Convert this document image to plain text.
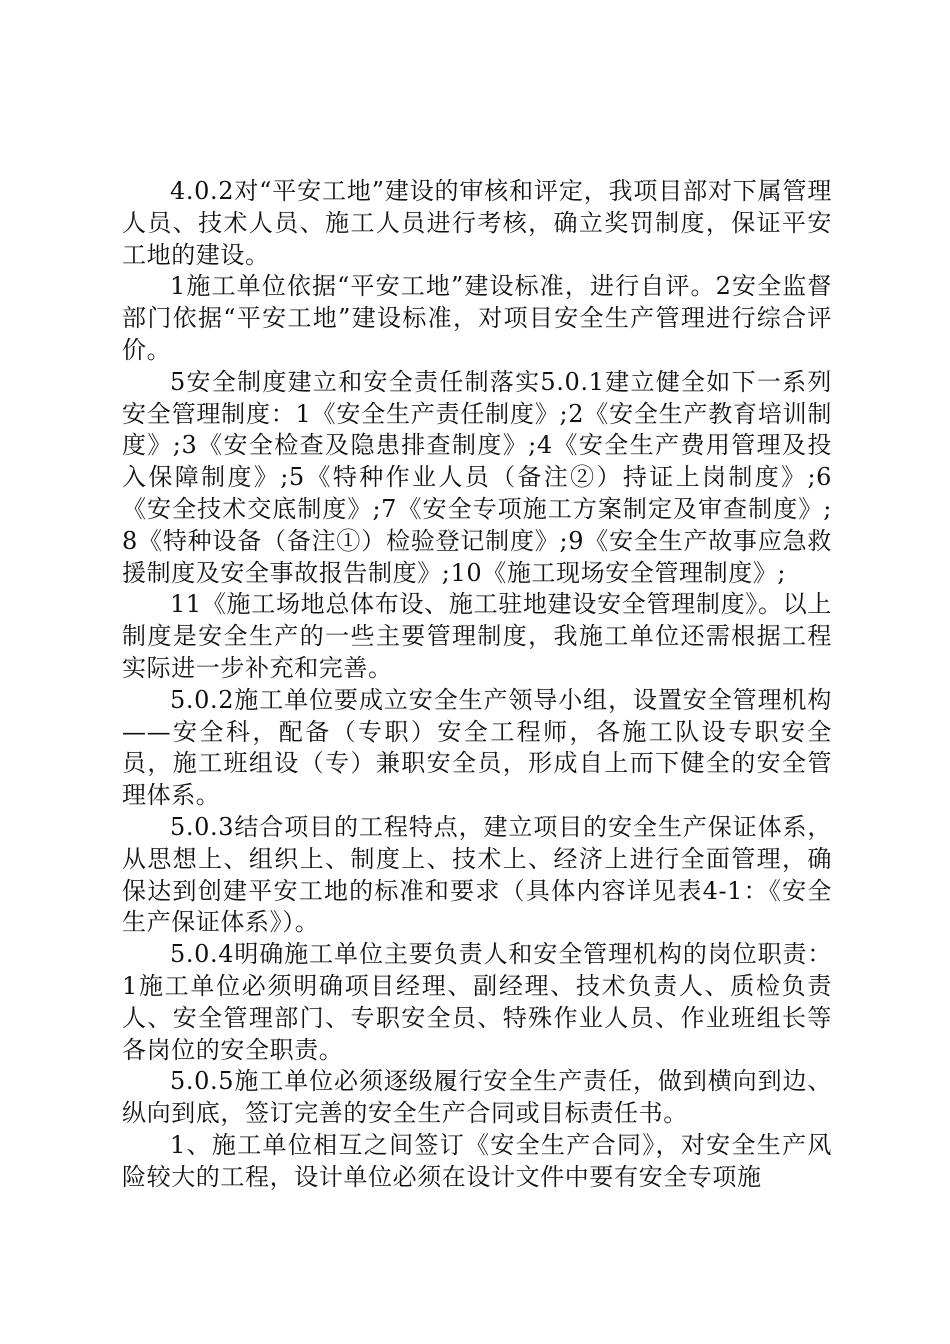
4.0.2对“平安工地”建设的审核和评定，我项目部对下属管理人员、技术人员、施工人员进行考核，确立奖罚制度，保证平安工地的建设。

1施工单位依据“平安工地”建设标准，进行自评。2安全监督部门依据“平安工地”建设标准，对项目安全生产管理进行综合评价。

5安全制度建立和安全责任制落实5.0.1建立健全如下一系列安全管理制度：1《安全生产责任制度》;2《安全生产教育培训制度》;3《安全检查及隐患排查制度》;4《安全生产费用管理及投入保障制度》;5《特种作业人员（备注②）持证上岗制度》;6《安全技术交底制度》;7《安全专项施工方案制定及审查制度》;8《特种设备（备注①）检验登记制度》;9《安全生产故事应急救援制度及安全事故报告制度》;10《施工现场安全管理制度》;

11《施工场地总体布设、施工驻地建设安全管理制度》。以上制度是安全生产的一些主要管理制度，我施工单位还需根据工程实际进一步补充和完善。

5.0.2施工单位要成立安全生产领导小组，设置安全管理机构——安全科，配备（专职）安全工程师，各施工队设专职安全员，施工班组设（专）兼职安全员，形成自上而下健全的安全管理体系。

5.0.3结合项目的工程特点，建立项目的安全生产保证体系，从思想上、组织上、制度上、技术上、经济上进行全面管理，确保达到创建平安工地的标准和要求（具体内容详见表4-1：《安全生产保证体系》）。

5.0.4明确施工单位主要负责人和安全管理机构的岗位职责：1施工单位必须明确项目经理、副经理、技术负责人、质检负责人、安全管理部门、专职安全员、特殊作业人员、作业班组长等各岗位的安全职责。

5.0.5施工单位必须逐级履行安全生产责任，做到横向到边、纵向到底，签订完善的安全生产合同或目标责任书。

1、施工单位相互之间签订《安全生产合同》，对安全生产风险较大的工程，设计单位必须在设计文件中要有安全专项施
